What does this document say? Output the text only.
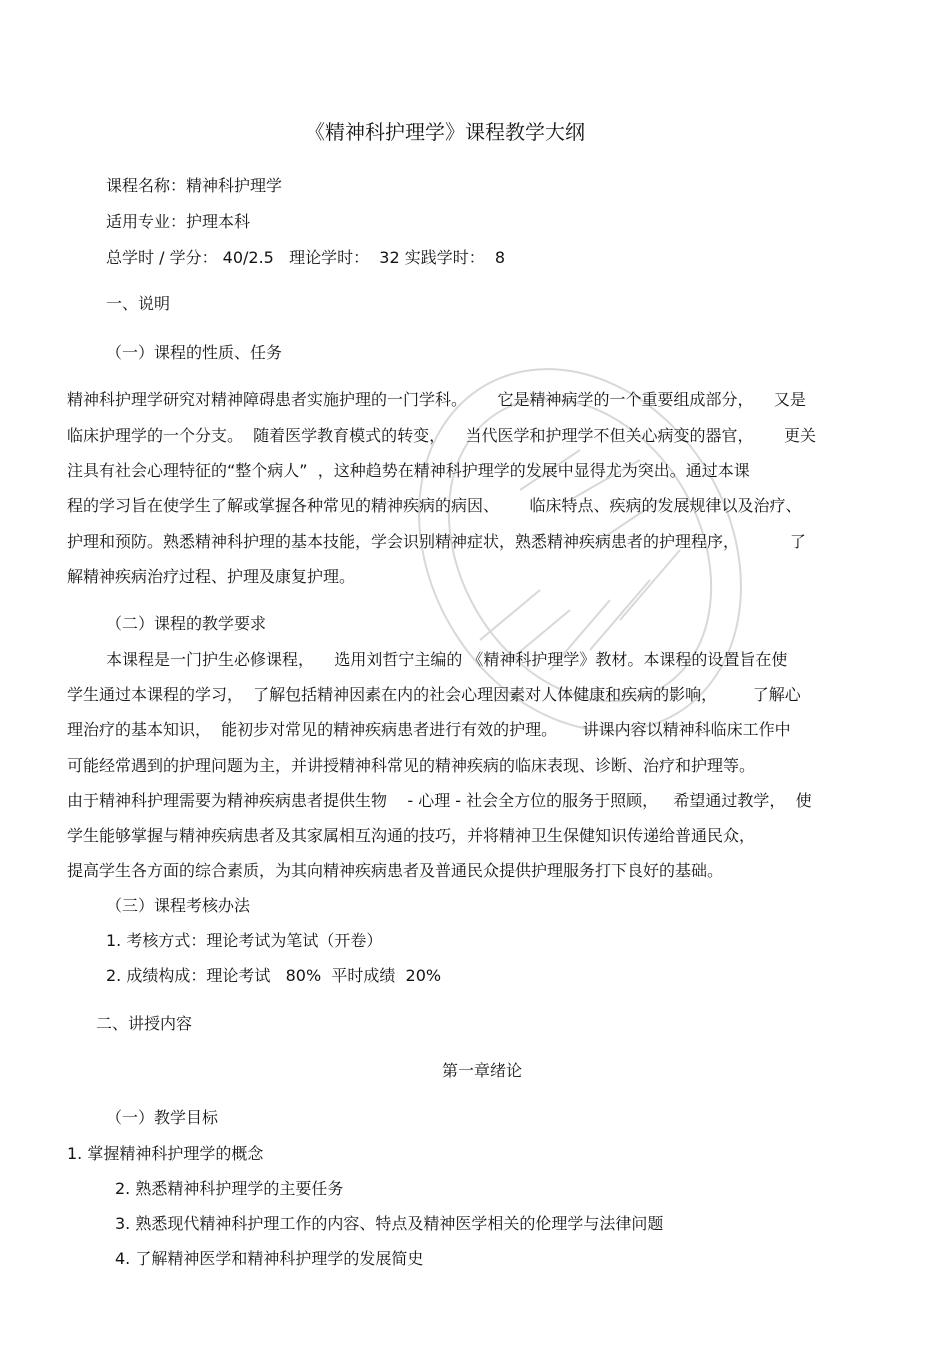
《精神科护理学》课程教学大纲
课程名称：精神科护理学
适用专业：护理本科
总学时 / 学分： 40/2.5   理论学时：  32 实践学时：  8
一、说明
（一）课程的性质、任务
精神科护理学研究对精神障碍患者实施护理的一门学科。      它是精神病学的一个重要组成部分，    又是
临床护理学的一个分支。  随着医学教育模式的转变，    当代医学和护理学不但关心病变的器官，      更关
注具有社会心理特征的“整个病人”  ，这种趋势在精神科护理学的发展中显得尤为突出。通过本课
程的学习旨在使学生了解或掌握各种常见的精神疾病的病因、      临床特点、疾病的发展规律以及治疗、
护理和预防。熟悉精神科护理的基本技能，学会识别精神症状，熟悉精神疾病患者的护理程序，          了
解精神疾病治疗过程、护理及康复护理。
（二）课程的教学要求
本课程是一门护生必修课程，    选用刘哲宁主编的 《精神科护理学》教材。本课程的设置旨在使
学生通过本课程的学习，  了解包括精神因素在内的社会心理因素对人体健康和疾病的影响，       了解心
理治疗的基本知识，  能初步对常见的精神疾病患者进行有效的护理。     讲课内容以精神科临床工作中
可能经常遇到的护理问题为主，并讲授精神科常见的精神疾病的临床表现、诊断、治疗和护理等。
由于精神科护理需要为精神疾病患者提供生物    - 心理 - 社会全方位的服务于照顾，   希望通过教学，  使
学生能够掌握与精神疾病患者及其家属相互沟通的技巧，并将精神卫生保健知识传递给普通民众，
提高学生各方面的综合素质，为其向精神疾病患者及普通民众提供护理服务打下良好的基础。
（三）课程考核办法
1. 考核方式：理论考试为笔试（开卷）
2. 成绩构成：理论考试   80%  平时成绩  20%
二、讲授内容
第一章绪论
（一）教学目标
1. 掌握精神科护理学的概念
2. 熟悉精神科护理学的主要任务
3. 熟悉现代精神科护理工作的内容、特点及精神医学相关的伦理学与法律问题
4. 了解精神医学和精神科护理学的发展简史
